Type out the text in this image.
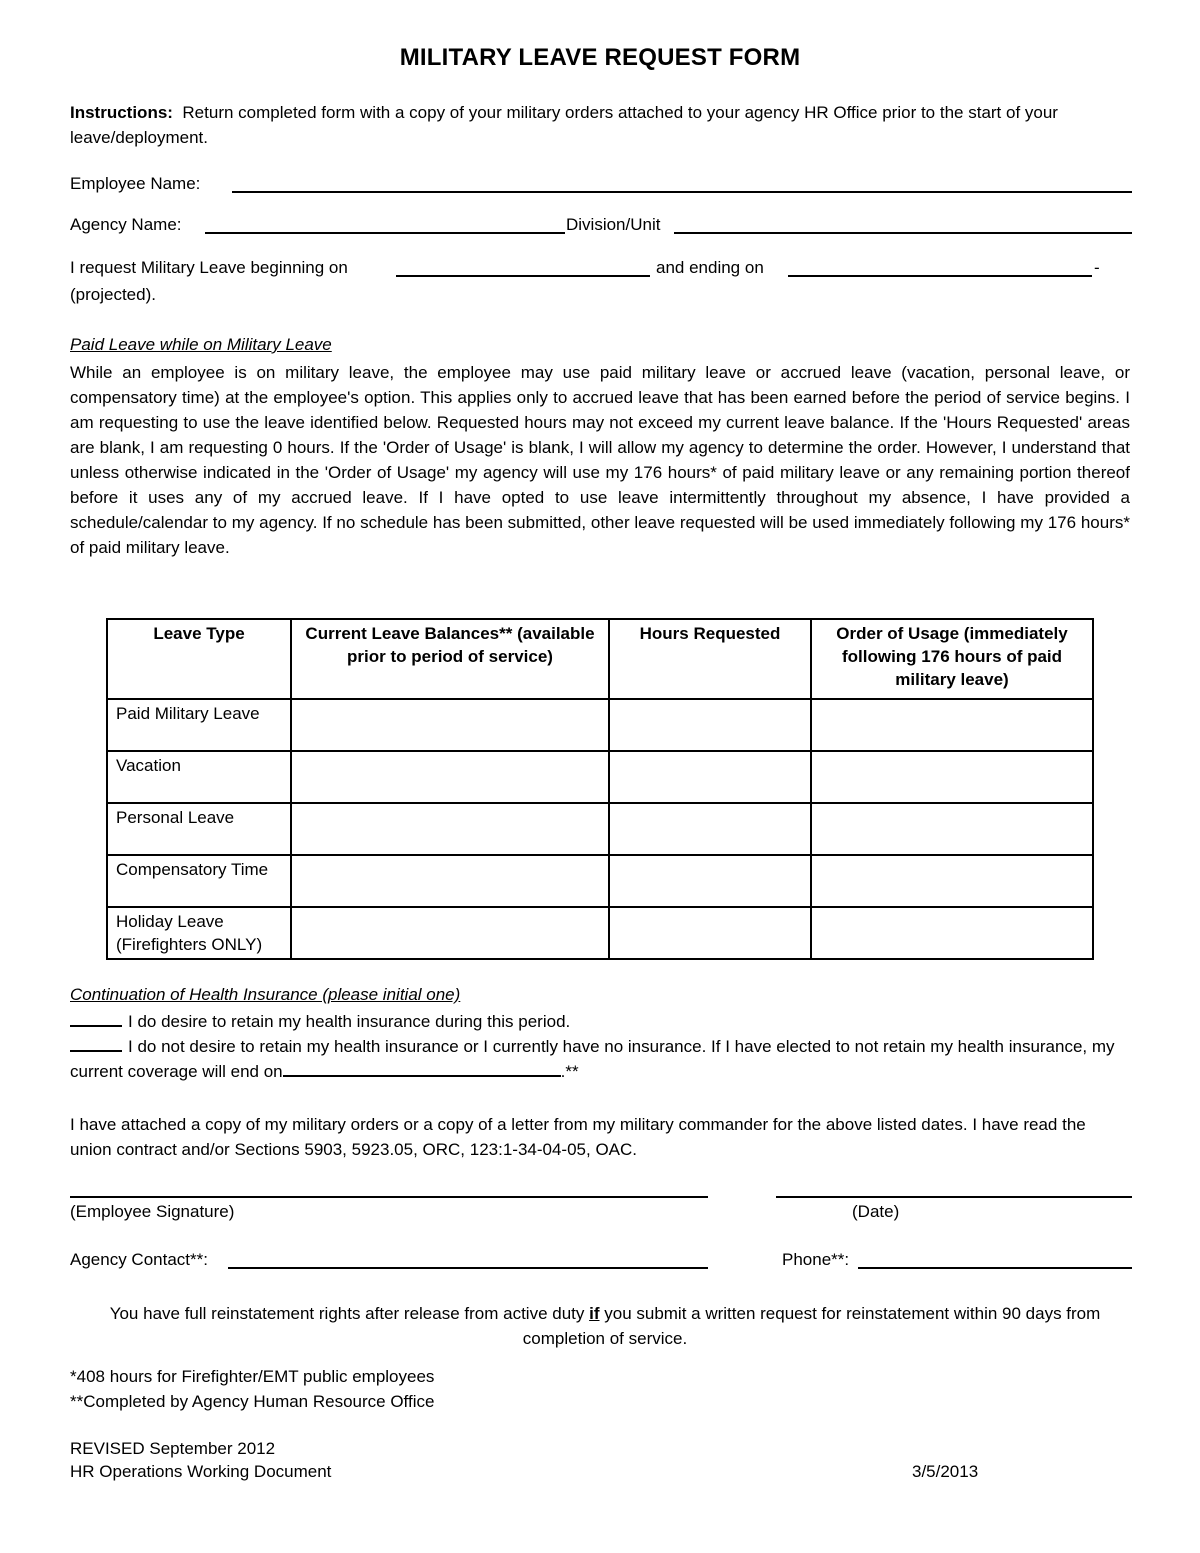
MILITARY LEAVE REQUEST FORM
Instructions: Return completed form with a copy of your military orders attached to your agency HR Office prior to the start of your leave/deployment.
Employee Name:
Agency Name:	Division/Unit
I request Military Leave beginning on	and ending on	-
(projected).
Paid Leave while on Military Leave
While an employee is on military leave, the employee may use paid military leave or accrued leave (vacation, personal leave, or compensatory time) at the employee's option. This applies only to accrued leave that has been earned before the period of service begins. I am requesting to use the leave identified below. Requested hours may not exceed my current leave balance. If the 'Hours Requested' areas are blank, I am requesting 0 hours. If the 'Order of Usage' is blank, I will allow my agency to determine the order. However, I understand that unless otherwise indicated in the 'Order of Usage' my agency will use my 176 hours* of paid military leave or any remaining portion thereof before it uses any of my accrued leave. If I have opted to use leave intermittently throughout my absence, I have provided a schedule/calendar to my agency. If no schedule has been submitted, other leave requested will be used immediately following my 176 hours* of paid military leave.
Leave Type	Current Leave Balances** (available prior to period of service)	Hours Requested	Order of Usage (immediately following 176 hours of paid military leave)
Paid Military Leave			
Vacation			
Personal Leave			
Compensatory Time			
Holiday Leave (Firefighters ONLY)			
Continuation of Health Insurance (please initial one)
I do desire to retain my health insurance during this period.
I do not desire to retain my health insurance or I currently have no insurance. If I have elected to not retain my health insurance, my current coverage will end on	.**
I have attached a copy of my military orders or a copy of a letter from my military commander for the above listed dates. I have read the union contract and/or Sections 5903, 5923.05, ORC, 123:1-34-04-05, OAC.
(Employee Signature)	(Date)
Agency Contact**:	Phone**:
You have full reinstatement rights after release from active duty if you submit a written request for reinstatement within 90 days from completion of service.
*408 hours for Firefighter/EMT public employees
**Completed by Agency Human Resource Office
REVISED September 2012
HR Operations Working Document	3/5/2013
